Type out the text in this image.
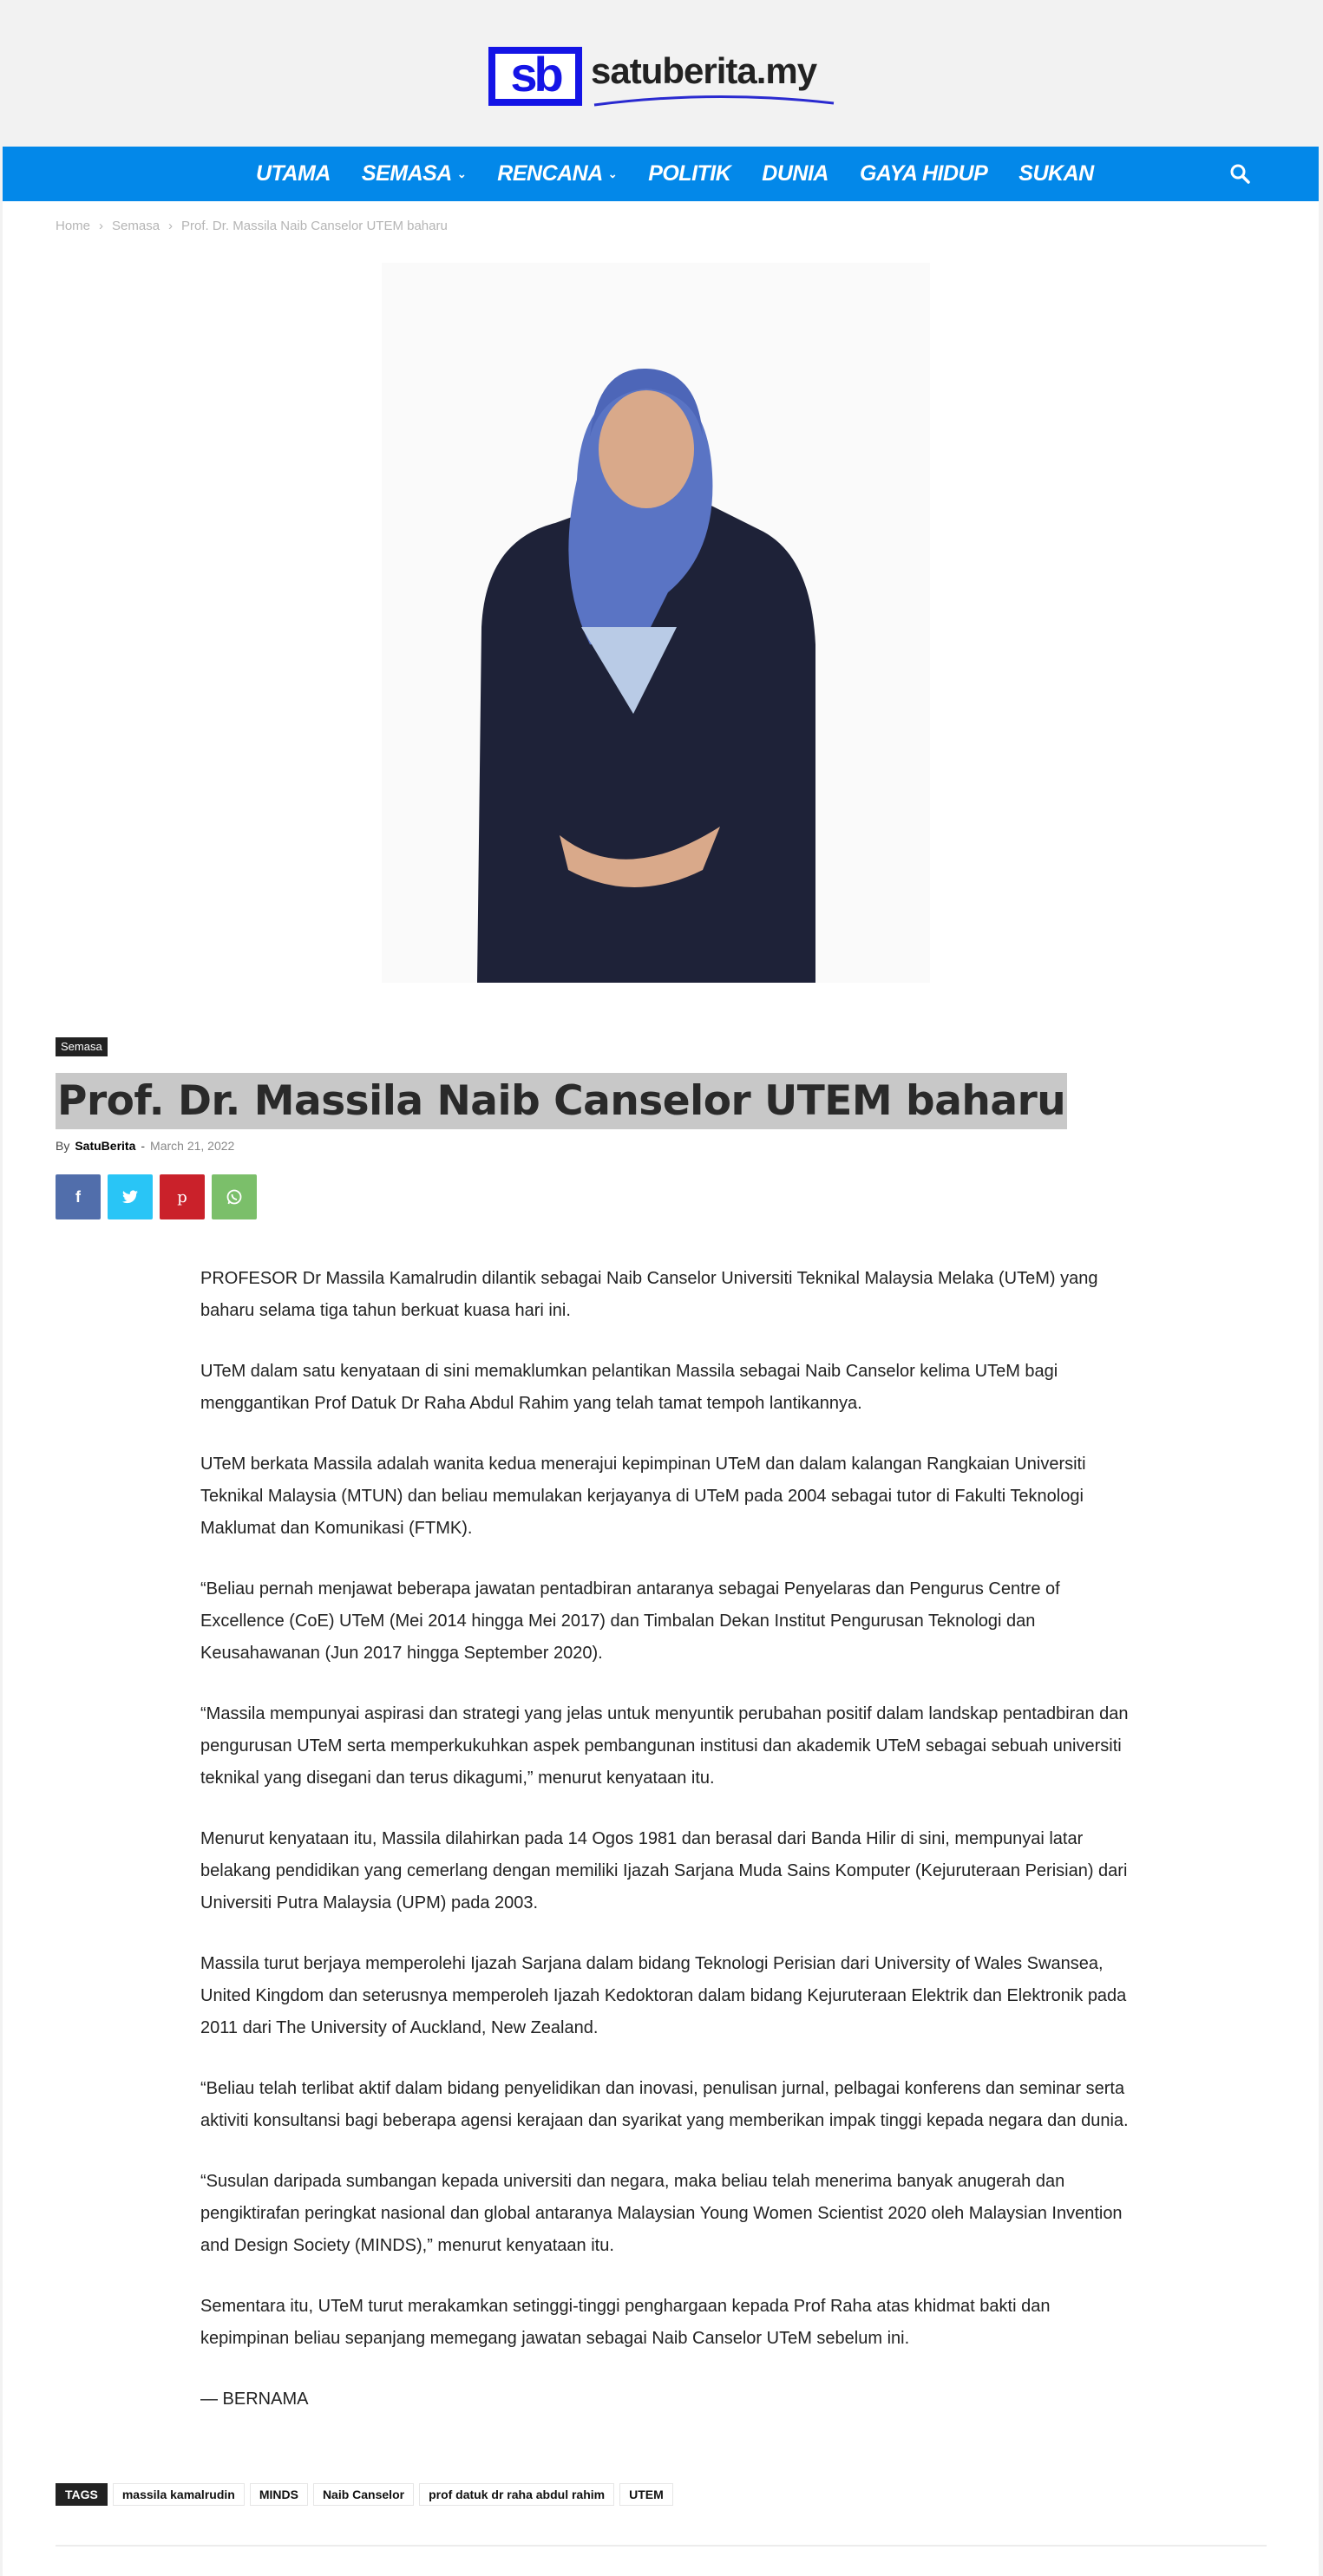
sb satuberita.my
UTAMA SEMASA ⌄ RENCANA ⌄ POLITIK DUNIA GAYA HIDUP SUKAN
Home › Semasa › Prof. Dr. Massila Naib Canselor UTEM baharu
Semasa
Prof. Dr. Massila Naib Canselor UTEM baharu
By SatuBerita - March 21, 2022
f	p

PROFESOR Dr Massila Kamalrudin dilantik sebagai Naib Canselor Universiti Teknikal Malaysia Melaka (UTeM) yang baharu selama tiga tahun berkuat kuasa hari ini.

UTeM dalam satu kenyataan di sini memaklumkan pelantikan Massila sebagai Naib Canselor kelima UTeM bagi menggantikan Prof Datuk Dr Raha Abdul Rahim yang telah tamat tempoh lantikannya.

UTeM berkata Massila adalah wanita kedua menerajui kepimpinan UTeM dan dalam kalangan Rangkaian Universiti Teknikal Malaysia (MTUN) dan beliau memulakan kerjayanya di UTeM pada 2004 sebagai tutor di Fakulti Teknologi Maklumat dan Komunikasi (FTMK).

“Beliau pernah menjawat beberapa jawatan pentadbiran antaranya sebagai Penyelaras dan Pengurus Centre of Excellence (CoE) UTeM (Mei 2014 hingga Mei 2017) dan Timbalan Dekan Institut Pengurusan Teknologi dan Keusahawanan (Jun 2017 hingga September 2020).

“Massila mempunyai aspirasi dan strategi yang jelas untuk menyuntik perubahan positif dalam landskap pentadbiran dan pengurusan UTeM serta memperkukuhkan aspek pembangunan institusi dan akademik UTeM sebagai sebuah universiti teknikal yang disegani dan terus dikagumi,” menurut kenyataan itu.

Menurut kenyataan itu, Massila dilahirkan pada 14 Ogos 1981 dan berasal dari Banda Hilir di sini, mempunyai latar belakang pendidikan yang cemerlang dengan memiliki Ijazah Sarjana Muda Sains Komputer (Kejuruteraan Perisian) dari Universiti Putra Malaysia (UPM) pada 2003.

Massila turut berjaya memperolehi Ijazah Sarjana dalam bidang Teknologi Perisian dari University of Wales Swansea, United Kingdom dan seterusnya memperoleh Ijazah Kedoktoran dalam bidang Kejuruteraan Elektrik dan Elektronik pada 2011 dari The University of Auckland, New Zealand.

“Beliau telah terlibat aktif dalam bidang penyelidikan dan inovasi, penulisan jurnal, pelbagai konferens dan seminar serta aktiviti konsultansi bagi beberapa agensi kerajaan dan syarikat yang memberikan impak tinggi kepada negara dan dunia.

“Susulan daripada sumbangan kepada universiti dan negara, maka beliau telah menerima banyak anugerah dan pengiktirafan peringkat nasional dan global antaranya Malaysian Young Women Scientist 2020 oleh Malaysian Invention and Design Society (MINDS),” menurut kenyataan itu.

Sementara itu, UTeM turut merakamkan setinggi-tinggi penghargaan kepada Prof Raha atas khidmat bakti dan kepimpinan beliau sepanjang memegang jawatan sebagai Naib Canselor UTeM sebelum ini.

— BERNAMA

TAGS	massila kamalrudin	MINDS	Naib Canselor	prof datuk dr raha abdul rahim	UTEM
